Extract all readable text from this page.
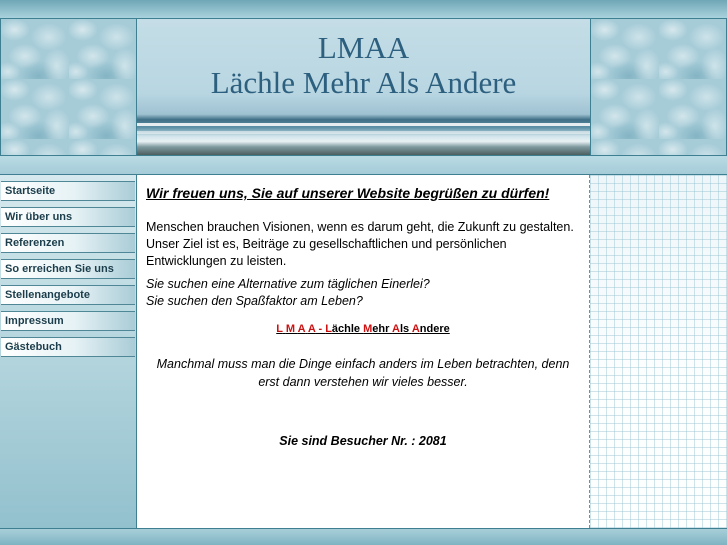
LMAA
Lächle Mehr Als Andere
Startseite
Wir über uns
Referenzen
So erreichen Sie uns
Stellenangebote
Impressum
Gästebuch
Wir freuen uns, Sie auf unserer Website begrüßen zu dürfen!
Menschen brauchen Visionen, wenn es darum geht, die Zukunft zu gestalten.
Unser Ziel ist es, Beiträge zu gesellschaftlichen und persönlichen Entwicklungen zu leisten.
Sie suchen eine Alternative zum täglichen Einerlei?
Sie suchen den Spaßfaktor am Leben?
L M A A - Lächle Mehr Als Andere
Manchmal muss man die Dinge einfach anders im Leben betrachten, denn erst dann verstehen wir vieles besser.
Sie sind Besucher Nr. : 2081
